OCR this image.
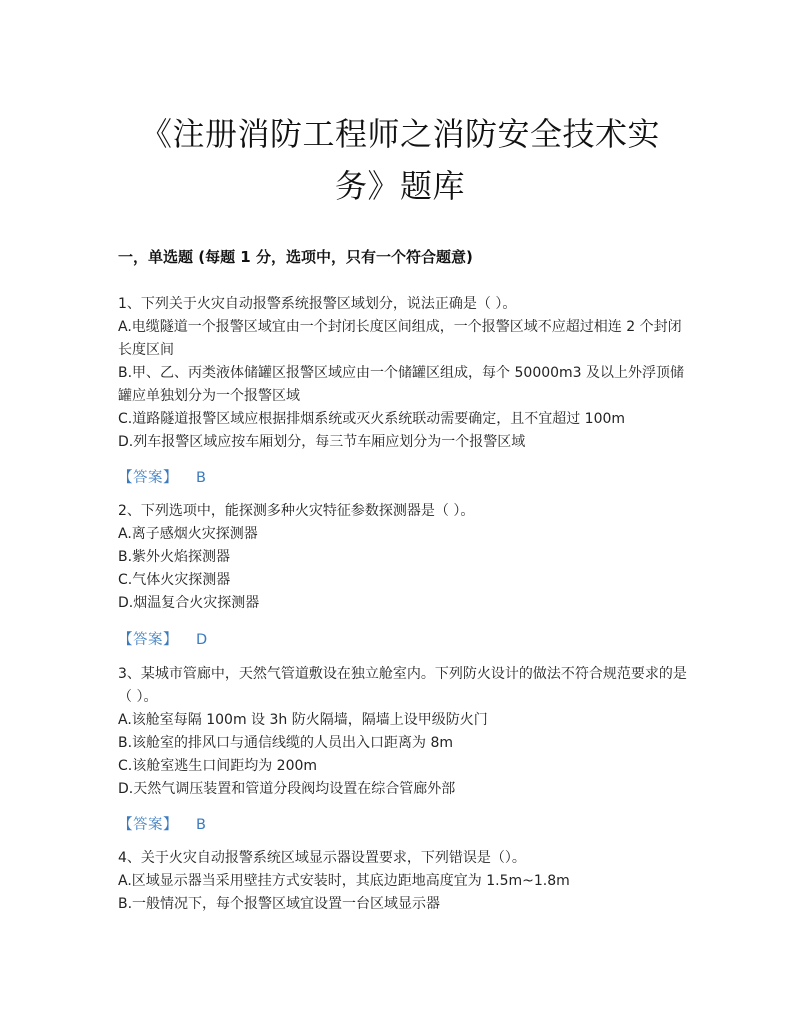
《注册消防工程师之消防安全技术实
务》题库
一，单选题 (每题 1 分，选项中，只有一个符合题意)

1、下列关于火灾自动报警系统报警区域划分，说法正确是（ ）。

A.电缆隧道一个报警区域宜由一个封闭长度区间组成，一个报警区域不应超过相连 2 个封闭长度区间

B.甲、乙、丙类液体储罐区报警区域应由一个储罐区组成，每个 50000m3 及以上外浮顶储罐应单独划分为一个报警区域

C.道路隧道报警区域应根据排烟系统或灭火系统联动需要确定，且不宜超过 100m

D.列车报警区域应按车厢划分，每三节车厢应划分为一个报警区域

【答案】 B

2、下列选项中，能探测多种火灾特征参数探测器是（ ）。

A.离子感烟火灾探测器

B.紫外火焰探测器

C.气体火灾探测器

D.烟温复合火灾探测器

【答案】 D

3、某城市管廊中，天然气管道敷设在独立舱室内。下列防火设计的做法不符合规范要求的是（ ）。

A.该舱室每隔 100m 设 3h 防火隔墙，隔墙上设甲级防火门

B.该舱室的排风口与通信线缆的人员出入口距离为 8m

C.该舱室逃生口间距均为 200m

D.天然气调压装置和管道分段阀均设置在综合管廊外部

【答案】 B

4、关于火灾自动报警系统区域显示器设置要求，下列错误是（）。

A.区域显示器当采用壁挂方式安装时，其底边距地高度宜为 1.5m~1.8m

B.一般情况下，每个报警区域宜设置一台区域显示器
